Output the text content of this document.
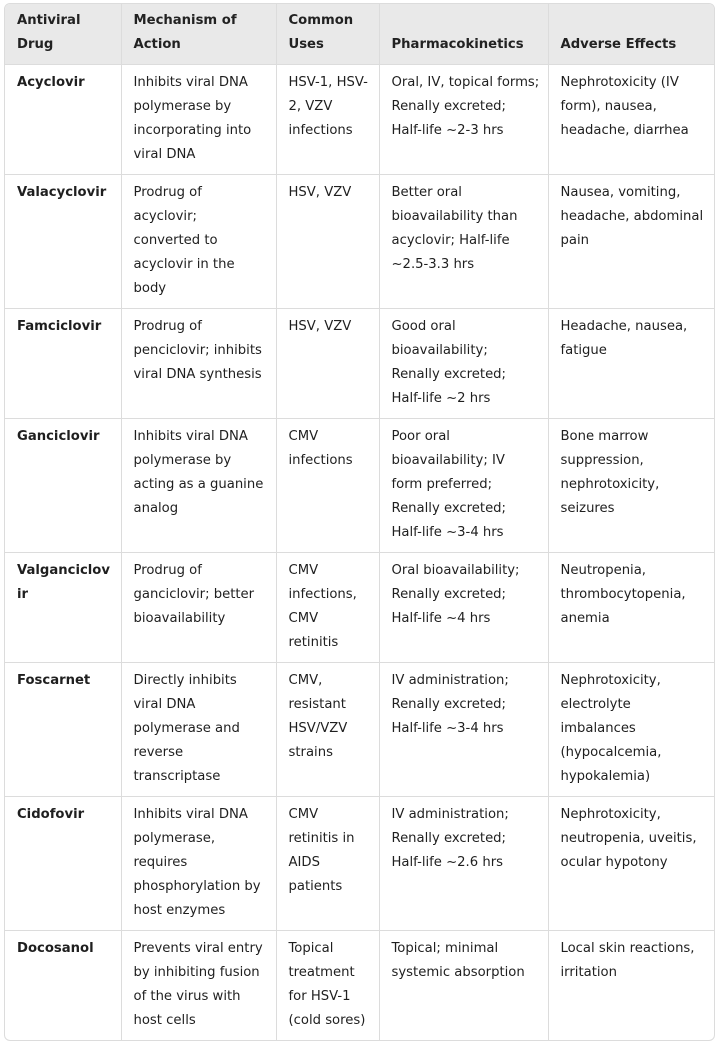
Antiviral Drug	Mechanism of Action	Common Uses	Pharmacokinetics	Adverse Effects
Acyclovir	Inhibits viral DNA polymerase by incorporating into viral DNA	HSV-1, HSV-2, VZV infections	Oral, IV, topical forms; Renally excreted; Half-life ~2-3 hrs	Nephrotoxicity (IV form), nausea, headache, diarrhea
Valacyclovir	Prodrug of acyclovir; converted to acyclovir in the body	HSV, VZV	Better oral bioavailability than acyclovir; Half-life ~2.5-3.3 hrs	Nausea, vomiting, headache, abdominal pain
Famciclovir	Prodrug of penciclovir; inhibits viral DNA synthesis	HSV, VZV	Good oral bioavailability; Renally excreted; Half-life ~2 hrs	Headache, nausea, fatigue
Ganciclovir	Inhibits viral DNA polymerase by acting as a guanine analog	CMV infections	Poor oral bioavailability; IV form preferred; Renally excreted; Half-life ~3-4 hrs	Bone marrow suppression, nephrotoxicity, seizures
Valganciclovir	Prodrug of ganciclovir; better bioavailability	CMV infections, CMV retinitis	Oral bioavailability; Renally excreted; Half-life ~4 hrs	Neutropenia, thrombocytopenia, anemia
Foscarnet	Directly inhibits viral DNA polymerase and reverse transcriptase	CMV, resistant HSV/VZV strains	IV administration; Renally excreted; Half-life ~3-4 hrs	Nephrotoxicity, electrolyte imbalances (hypocalcemia, hypokalemia)
Cidofovir	Inhibits viral DNA polymerase, requires phosphorylation by host enzymes	CMV retinitis in AIDS patients	IV administration; Renally excreted; Half-life ~2.6 hrs	Nephrotoxicity, neutropenia, uveitis, ocular hypotony
Docosanol	Prevents viral entry by inhibiting fusion of the virus with host cells	Topical treatment for HSV-1 (cold sores)	Topical; minimal systemic absorption	Local skin reactions, irritation
